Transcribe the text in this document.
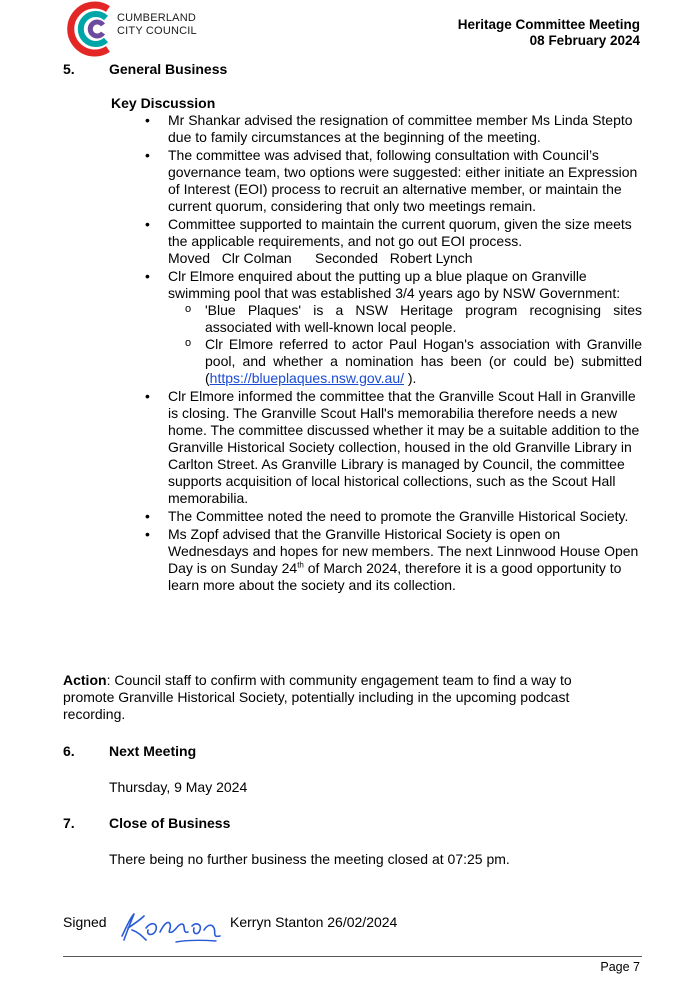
CUMBERLAND
CITY COUNCIL	Heritage Committee Meeting
08 February 2024
5. General Business
Key Discussion
• Mr Shankar advised the resignation of committee member Ms Linda Stepto due to family circumstances at the beginning of the meeting.
• The committee was advised that, following consultation with Council’s governance team, two options were suggested: either initiate an Expression of Interest (EOI) process to recruit an alternative member, or maintain the current quorum, considering that only two meetings remain.
• Committee supported to maintain the current quorum, given the size meets the applicable requirements, and not go out EOI process.
Moved   Clr Colman      Seconded   Robert Lynch
• Clr Elmore enquired about the putting up a blue plaque on Granville swimming pool that was established 3/4 years ago by NSW Government:
o 'Blue Plaques' is a NSW Heritage program recognising sites associated with well-known local people.
o Clr Elmore referred to actor Paul Hogan's association with Granville pool, and whether a nomination has been (or could be) submitted (https://blueplaques.nsw.gov.au/ ).
• Clr Elmore informed the committee that the Granville Scout Hall in Granville is closing. The Granville Scout Hall's memorabilia therefore needs a new home. The committee discussed whether it may be a suitable addition to the Granville Historical Society collection, housed in the old Granville Library in Carlton Street. As Granville Library is managed by Council, the committee supports acquisition of local historical collections, such as the Scout Hall memorabilia.
• The Committee noted the need to promote the Granville Historical Society.
• Ms Zopf advised that the Granville Historical Society is open on Wednesdays and hopes for new members. The next Linnwood House Open Day is on Sunday 24th of March 2024, therefore it is a good opportunity to learn more about the society and its collection.
Action: Council staff to confirm with community engagement team to find a way to promote Granville Historical Society, potentially including in the upcoming podcast recording.
6. Next Meeting
Thursday, 9 May 2024
7. Close of Business
There being no further business the meeting closed at 07:25 pm.
Signed	Kerryn Stanton 26/02/2024
Page 7
